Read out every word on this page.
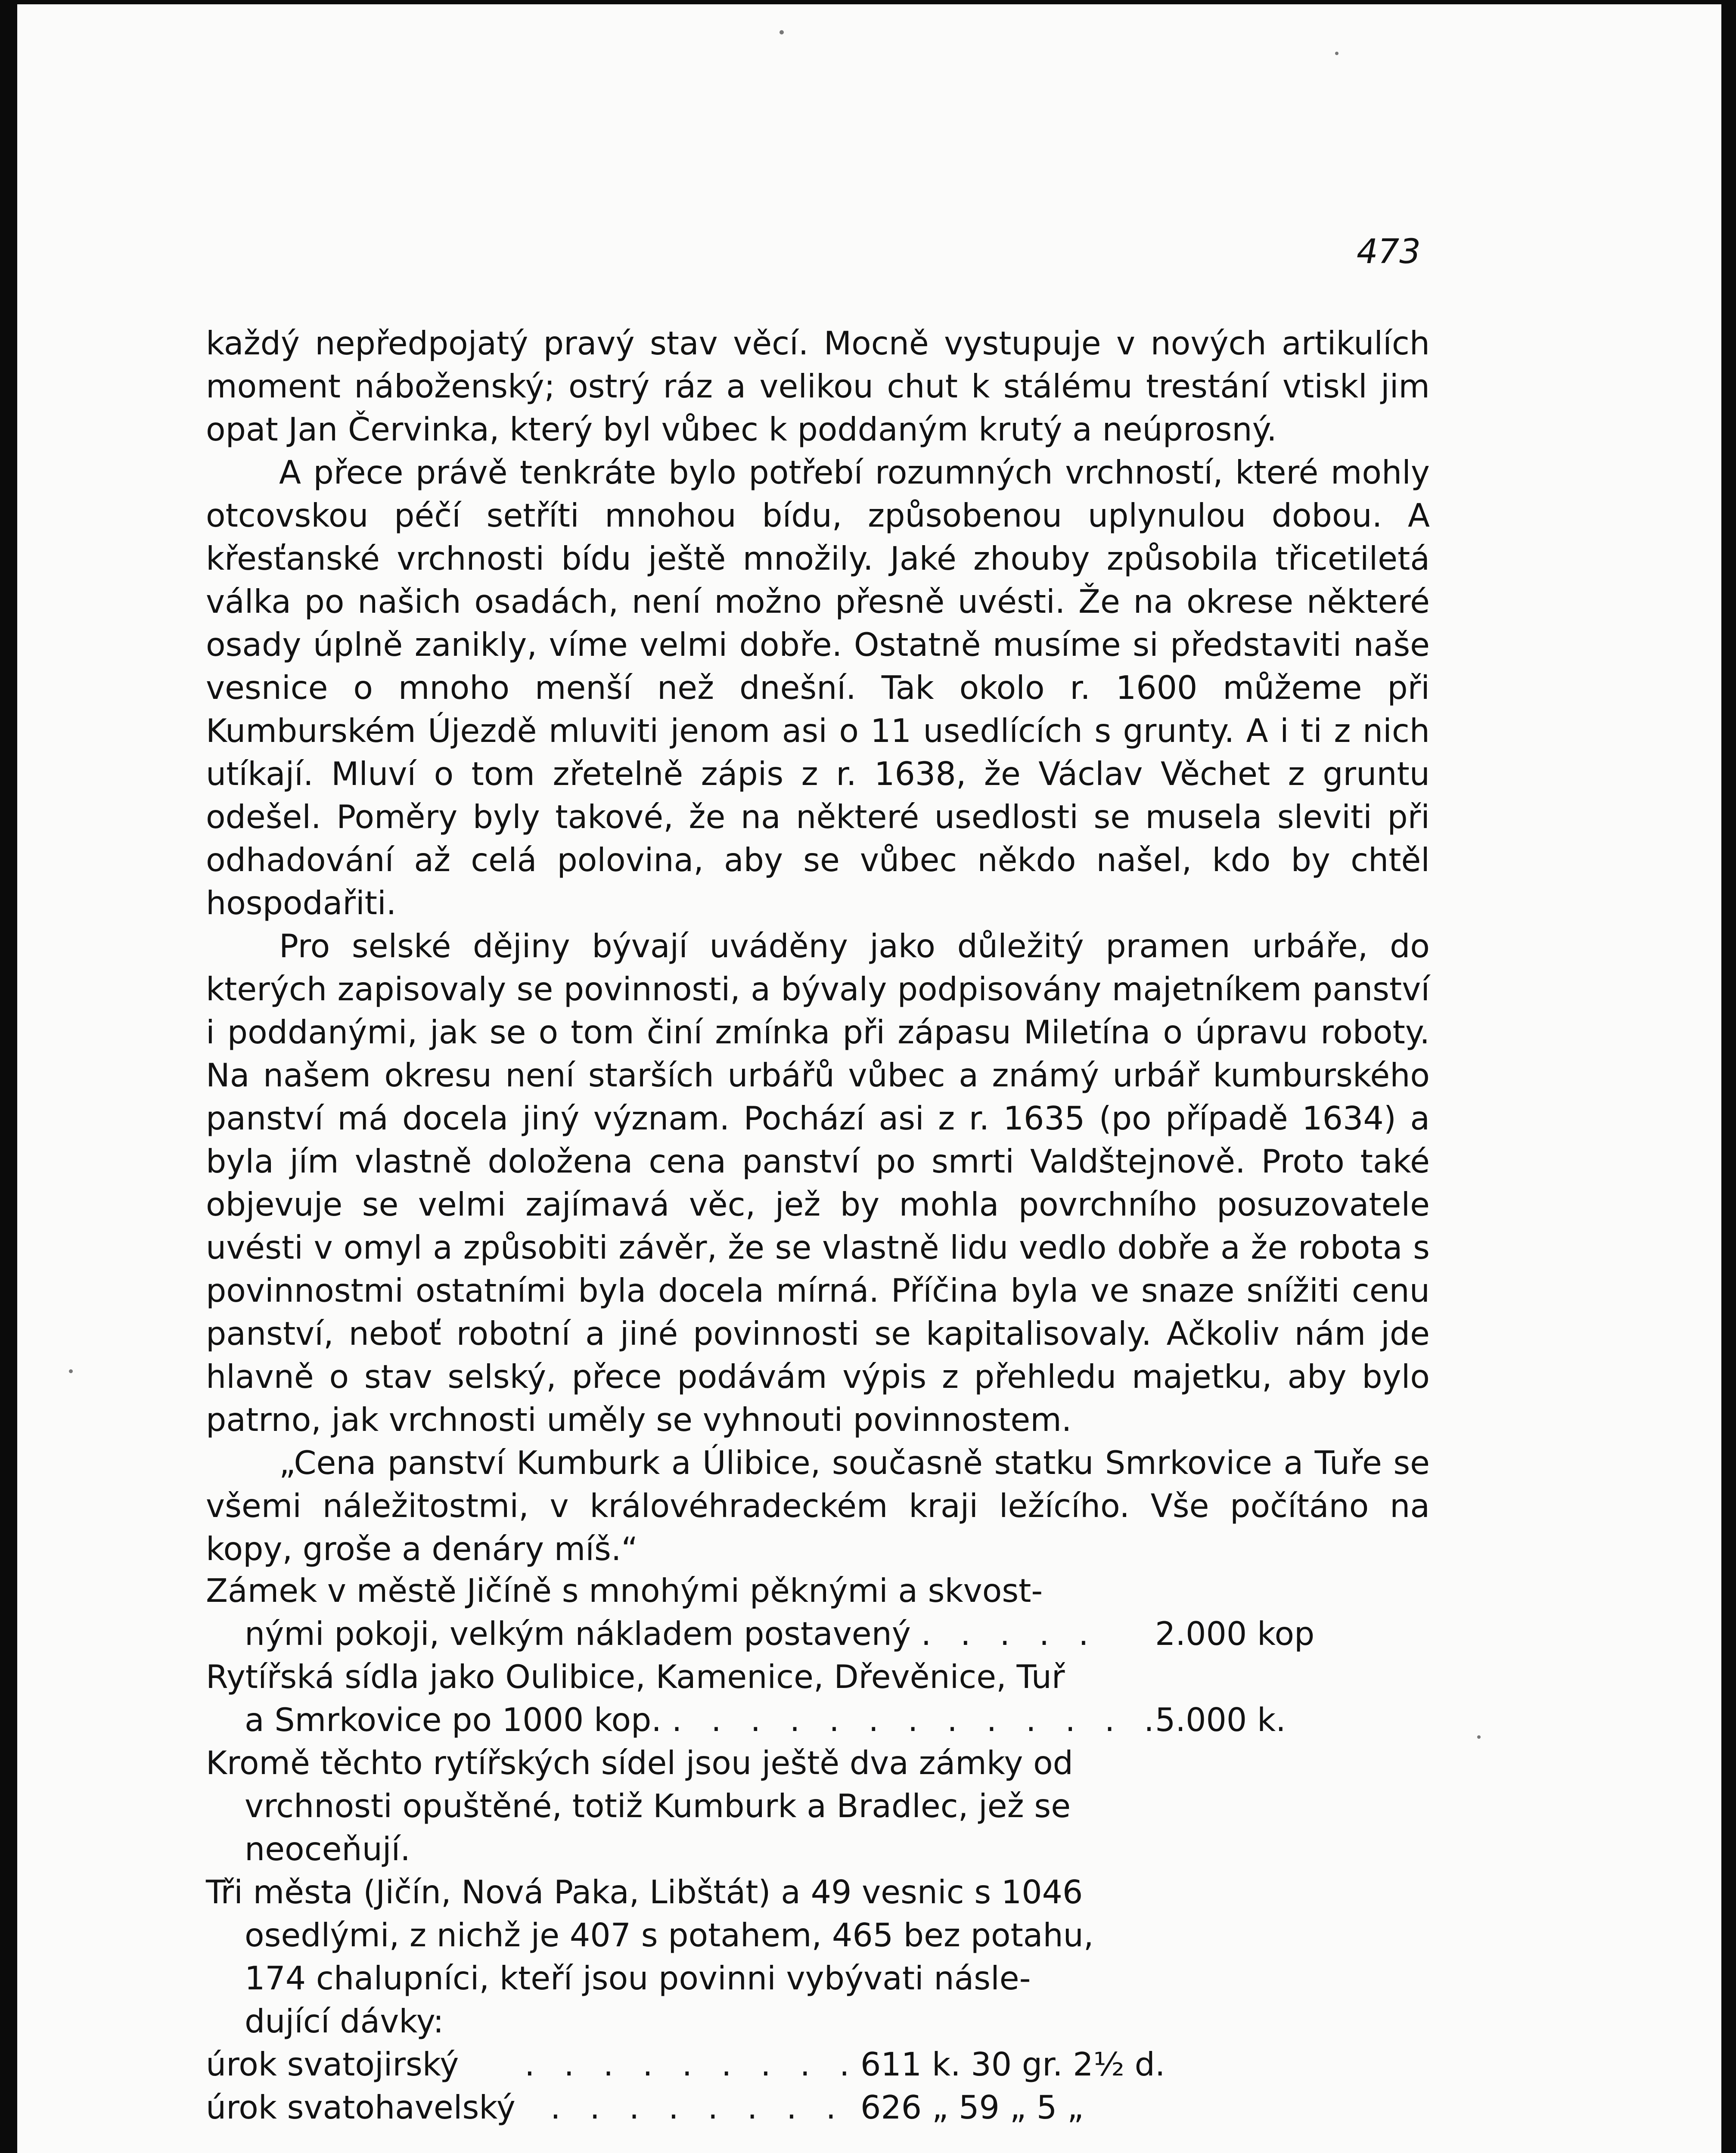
473

každý nepředpojatý pravý stav věcí. Mocně vystupuje v nových artikulích moment náboženský; ostrý ráz a velikou chut k stálému trestání vtiskl jim opat Jan Červinka, který byl vůbec k poddaným krutý a neúprosný.

A přece právě tenkráte bylo potřebí rozumných vrchností, které mohly otcovskou péčí setříti mnohou bídu, způsobenou uplynulou dobou. A křesťanské vrchnosti bídu ještě množily. Jaké zhouby způsobila třicetiletá válka po našich osadách, není možno přesně uvésti. Že na okrese některé osady úplně zanikly, víme velmi dobře. Ostatně musíme si představiti naše vesnice o mnoho menší než dnešní. Tak okolo r. 1600 můžeme při Kumburském Újezdě mluviti jenom asi o 11 usedlících s grunty. A i ti z nich utíkají. Mluví o tom zřetelně zápis z r. 1638, že Václav Věchet z gruntu odešel. Poměry byly takové, že na některé usedlosti se musela sleviti při odhadování až celá polovina, aby se vůbec někdo našel, kdo by chtěl hospodařiti.

Pro selské dějiny bývají uváděny jako důležitý pramen urbáře, do kterých zapisovaly se povinnosti, a bývaly podpisovány majetníkem panství i poddanými, jak se o tom činí zmínka při zápasu Miletína o úpravu roboty. Na našem okresu není starších urbářů vůbec a známý urbář kumburského panství má docela jiný význam. Pochází asi z r. 1635 (po případě 1634) a byla jím vlastně doložena cena panství po smrti Valdštejnově. Proto také objevuje se velmi zajímavá věc, jež by mohla povrchního posuzovatele uvésti v omyl a způsobiti závěr, že se vlastně lidu vedlo dobře a že robota s povinnostmi ostatními byla docela mírná. Příčina byla ve snaze snížiti cenu panství, neboť robotní a jiné povinnosti se kapitalisovaly. Ačkoliv nám jde hlavně o stav selský, přece podávám výpis z přehledu majetku, aby bylo patrno, jak vrchnosti uměly se vyhnouti povinnostem.

„Cena panství Kumburk a Úlibice, současně statku Smrkovice a Tuře se všemi náležitostmi, v královéhradeckém kraji ležícího. Vše počítáno na kopy, groše a denáry míš.“

Zámek v městě Jičíně s mnohými pěknými a skvost-
nými pokoji, velkým nákladem postavený . . . . .	2.000 kop
Rytířská sídla jako Oulibice, Kamenice, Dřevěnice, Tuř
a Smrkovice po 1000 kop. . . . . . . . . . . . . .
5.000 k.
Kromě těchto rytířských sídel jsou ještě dva zámky od
vrchnosti opuštěné, totiž Kumburk a Bradlec, jež se
neoceňují.
Tři města (Jičín, Nová Paka, Libštát) a 49 vesnic s 1046
osedlými, z nichž je 407 s potahem, 465 bez potahu,
174 chalupníci, kteří jsou povinni vybývati násle-
dující dávky:
úrok svatojirský . . . . . . . . .611 k. 30 gr. 2½ d.
úrok svatohavelský . . . . . . . . 626 „ 59 „ 5 „
